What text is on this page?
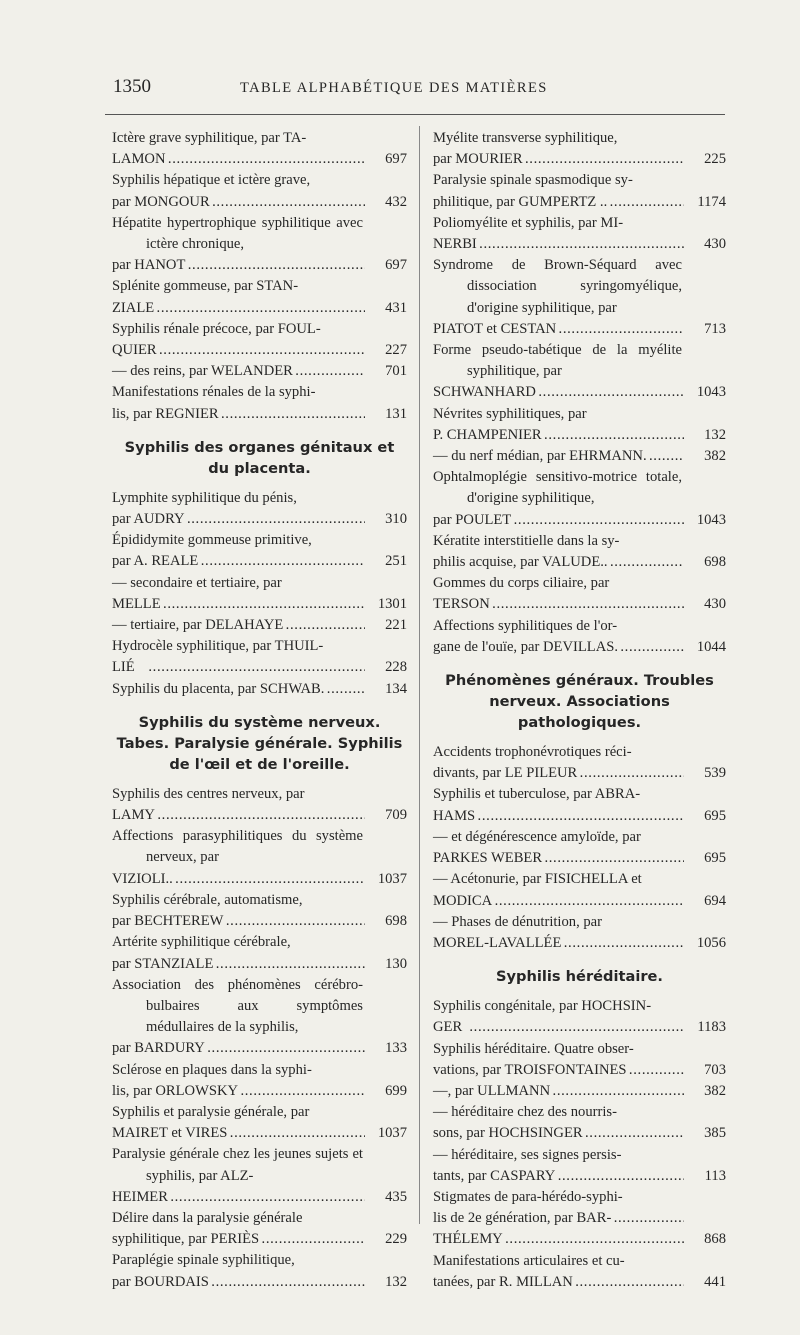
1350	TABLE ALPHABÉTIQUE DES MATIÈRES
Ictère grave syphilitique, par TA-
LAMON . . .	697
Syphilis hépatique et ictère grave,
par MONGOUR . . .	432
Hépatite hypertrophique syphilitique avec ictère chronique,
par HANOT . . .	697
Splénite gommeuse, par STAN-
ZIALE . . .	431
Syphilis rénale précoce, par FOUL-
QUIER . . .	227
— des reins, par WELANDER . . .	701
Manifestations rénales de la syphi-
lis, par REGNIER . . .	131
Syphilis des organes génitaux et du placenta.
Lymphite syphilitique du pénis,
par AUDRY . . .	310
Épididymite gommeuse primitive,
par A. REALE . . .	251
— secondaire et tertiaire, par
MELLE . . .	1301
— tertiaire, par DELAHAYE . . .	221
Hydrocèle syphilitique, par THUIL-
LIÉ . . .	228
Syphilis du placenta, par SCHWAB. . . .	134
Syphilis du système nerveux. Tabes. Paralysie générale. Syphilis de l'œil et de l'oreille.
Syphilis des centres nerveux, par
LAMY . . .	709
Affections parasyphilitiques du système nerveux, par
VIZIOLI.. . . .	1037
Syphilis cérébrale, automatisme,
par BECHTEREW . . .	698
Artérite syphilitique cérébrale,
par STANZIALE . . .	130
Association des phénomènes cérébro-bulbaires aux symptômes médullaires de la syphilis,
par BARDURY . . .	133
Sclérose en plaques dans la syphi-
lis, par ORLOWSKY . . .	699
Syphilis et paralysie générale, par
MAIRET et VIRES . . .	1037
Paralysie générale chez les jeunes sujets et syphilis, par ALZ-
HEIMER . . .	435
Délire dans la paralysie générale
syphilitique, par PERIÈS . . .	229
Paraplégie spinale syphilitique,
par BOURDAIS . . .	132
Myélite transverse syphilitique,
par MOURIER . . .	225
Paralysie spinale spasmodique sy-
philitique, par GUMPERTZ .. . . .	1174
Poliomyélite et syphilis, par MI-
NERBI . . .	430
Syndrome de Brown-Séquard avec dissociation syringomyélique, d'origine syphilitique, par
PIATOT et CESTAN . . .	713
Forme pseudo-tabétique de la myélite syphilitique, par
SCHWANHARD . . .	1043
Névrites syphilitiques, par
P. CHAMPENIER . . .	132
— du nerf médian, par EHRMANN. . . .	382
Ophtalmoplégie sensitivo-motrice totale, d'origine syphilitique,
par POULET . . .	1043
Kératite interstitielle dans la sy-
philis acquise, par VALUDE.. . . .	698
Gommes du corps ciliaire, par
TERSON . . .	430
Affections syphilitiques de l'or-
gane de l'ouïe, par DEVILLAS. . . .	1044
Phénomènes généraux. Troubles nerveux. Associations pathologiques.
Accidents trophonévrotiques réci-
divants, par LE PILEUR . . .	539
Syphilis et tuberculose, par ABRA-
HAMS . . .	695
— et dégénérescence amyloïde, par
PARKES WEBER . . .	695
— Acétonurie, par FISICHELLA et
MODICA . . .	694
— Phases de dénutrition, par
MOREL-LAVALLÉE . . .	1056
Syphilis héréditaire.
Syphilis congénitale, par HOCHSIN-
GER . . .	1183
Syphilis héréditaire. Quatre obser-
vations, par TROISFONTAINES . . .	703
—, par ULLMANN . . .	382
— héréditaire chez des nourris-
sons, par HOCHSINGER . . .	385
— héréditaire, ses signes persis-
tants, par CASPARY . . .	113
Stigmates de para-hérédo-syphi-
lis de 2e génération, par BAR-
. . .
THÉLEMY . . .	868
Manifestations articulaires et cu-
tanées, par R. MILLAN . . .	441
